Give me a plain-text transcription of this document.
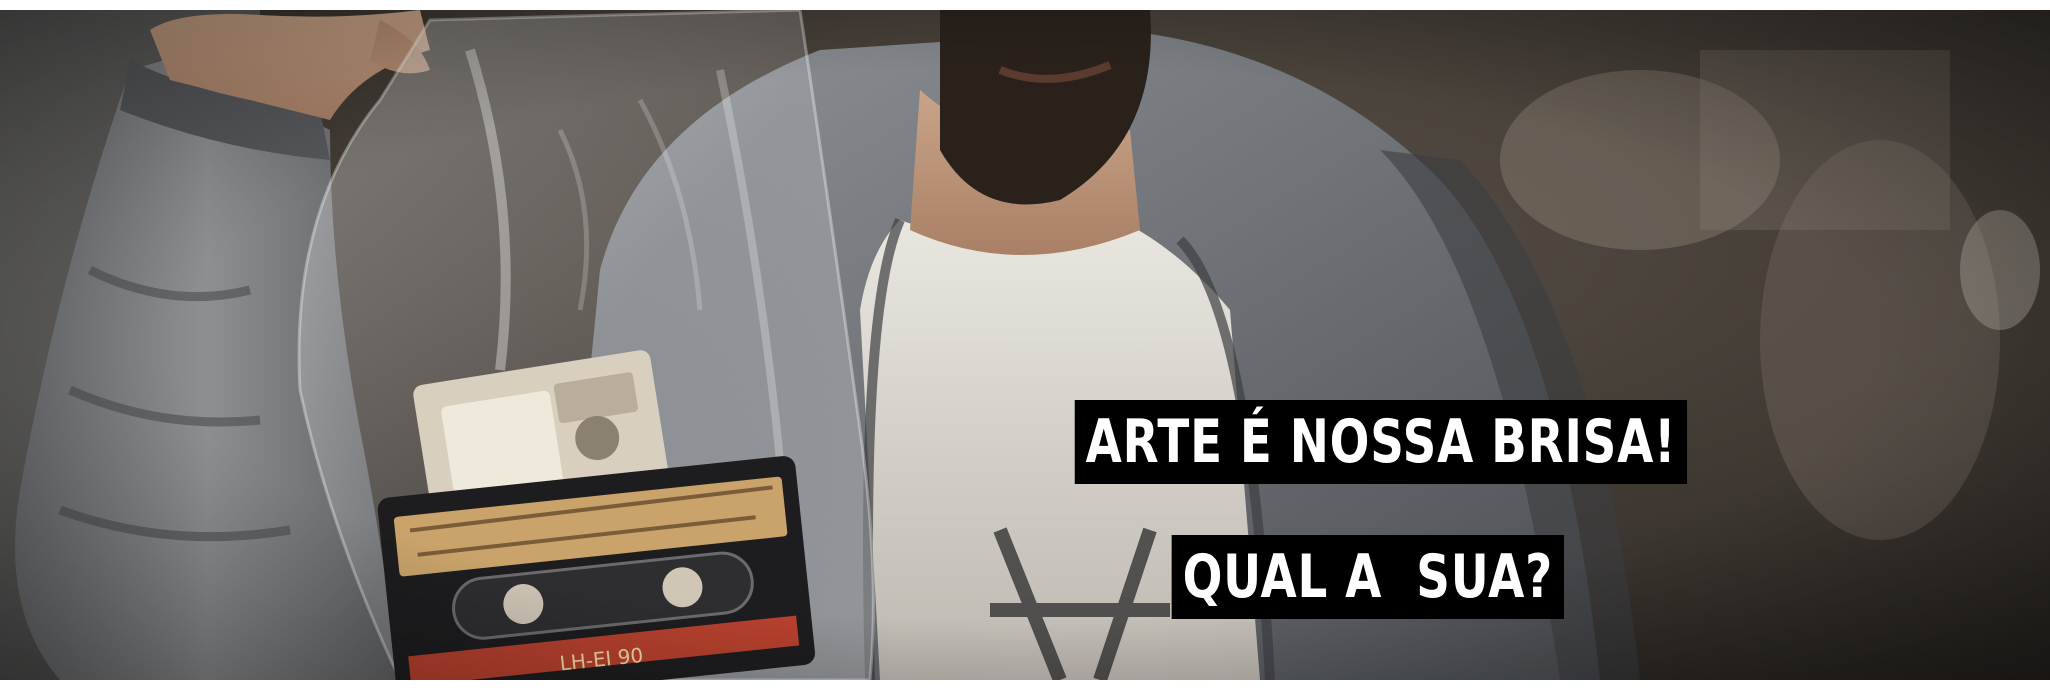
ARTE É NOSSA BRISA!
QUAL A  SUA?
